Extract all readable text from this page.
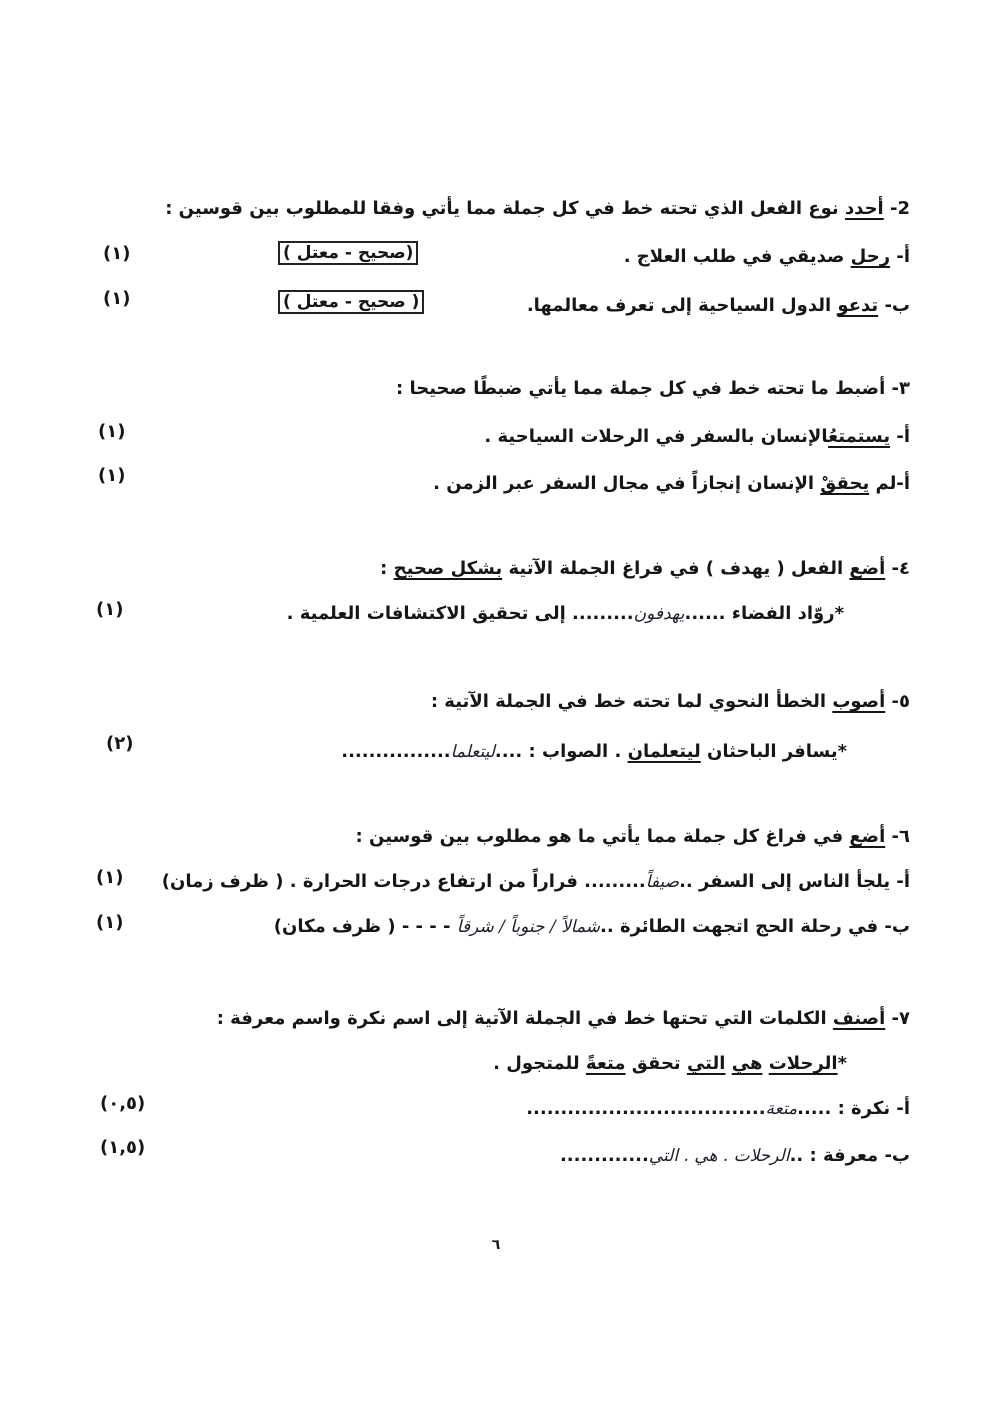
2- أحدد نوع الفعل الذي تحته خط في كل جملة مما يأتي وفقا للمطلوب بين قوسين :
أ- رحل صديقي في طلب العلاج .
(صحيح - معتل )
(١)
ب- تدعو الدول السياحية إلى تعرف معالمها.
( صحيح - معتل )
(١)
٣- أضبط ما تحته خط في كل جملة مما يأتي ضبطًا صحيحا :
أ- يستمتعُالإنسان بالسفر في الرحلات السياحية .
(١)
أ-لم يحققْ الإنسان إنجازاً في مجال السفر عبر الزمن .
(١)
٤- أضع الفعل ( يهدف ) في فراغ الجملة الآتية بشكل صحيح :
*روّاد الفضاء ......يهدفون......... إلى تحقيق الاكتشافات العلمية .
(١)
٥- أصوب الخطأ النحوي لما تحته خط في الجملة الآتية :
*يسافر الباحثان ليتعلمان . الصواب : ....ليتعلما................
(٢)
٦- أضع في فراغ كل جملة مما يأتي ما هو مطلوب بين قوسين :
أ- يلجأ الناس إلى السفر ..صيفاً......... فراراً من ارتفاع درجات الحرارة . ( ظرف زمان)
(١)
ب- في رحلة الحج اتجهت الطائرة ..شمالاً / جنوباً / شرقاً - - - - ( ظرف مكان)
(١)
٧- أصنف الكلمات التي تحتها خط في الجملة الآتية إلى اسم نكرة واسم معرفة :
*الرحلات هي التي تحقق متعةً للمتجول .
أ- نكرة : .....متعة...................................
(٠,٥)
ب- معرفة : ..الرحلات . هي . التي.............
(١,٥)
٦
